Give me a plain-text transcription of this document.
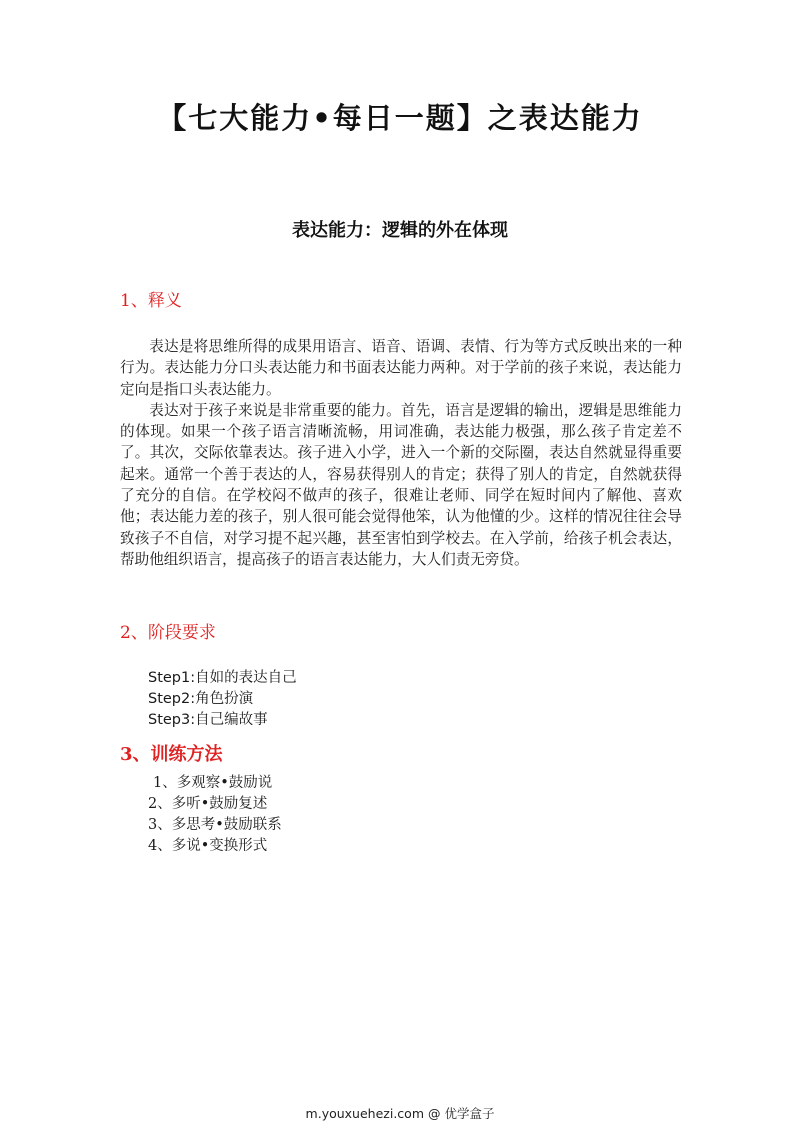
【七大能力•每日一题】之表达能力
表达能力：逻辑的外在体现
1、释义

表达是将思维所得的成果用语言、语音、语调、表情、行为等方式反映出来的一种行为。表达能力分口头表达能力和书面表达能力两种。对于学前的孩子来说，表达能力定向是指口头表达能力。

表达对于孩子来说是非常重要的能力。首先，语言是逻辑的输出，逻辑是思维能力的体现。如果一个孩子语言清晰流畅，用词准确，表达能力极强，那么孩子肯定差不了。其次，交际依靠表达。孩子进入小学，进入一个新的交际圈，表达自然就显得重要起来。通常一个善于表达的人，容易获得别人的肯定；获得了别人的肯定，自然就获得了充分的自信。在学校闷不做声的孩子，很难让老师、同学在短时间内了解他、喜欢他；表达能力差的孩子，别人很可能会觉得他笨，认为他懂的少。这样的情况往往会导致孩子不自信，对学习提不起兴趣，甚至害怕到学校去。在入学前，给孩子机会表达，帮助他组织语言，提高孩子的语言表达能力，大人们责无旁贷。

2、阶段要求
Step1:自如的表达自己
Step2:角色扮演
Step3:自己编故事
3、训练方法
1、多观察•鼓励说
2、多听•鼓励复述
3、多思考•鼓励联系
4、多说•变换形式
m.youxuehezi.com @ 优学盒子
